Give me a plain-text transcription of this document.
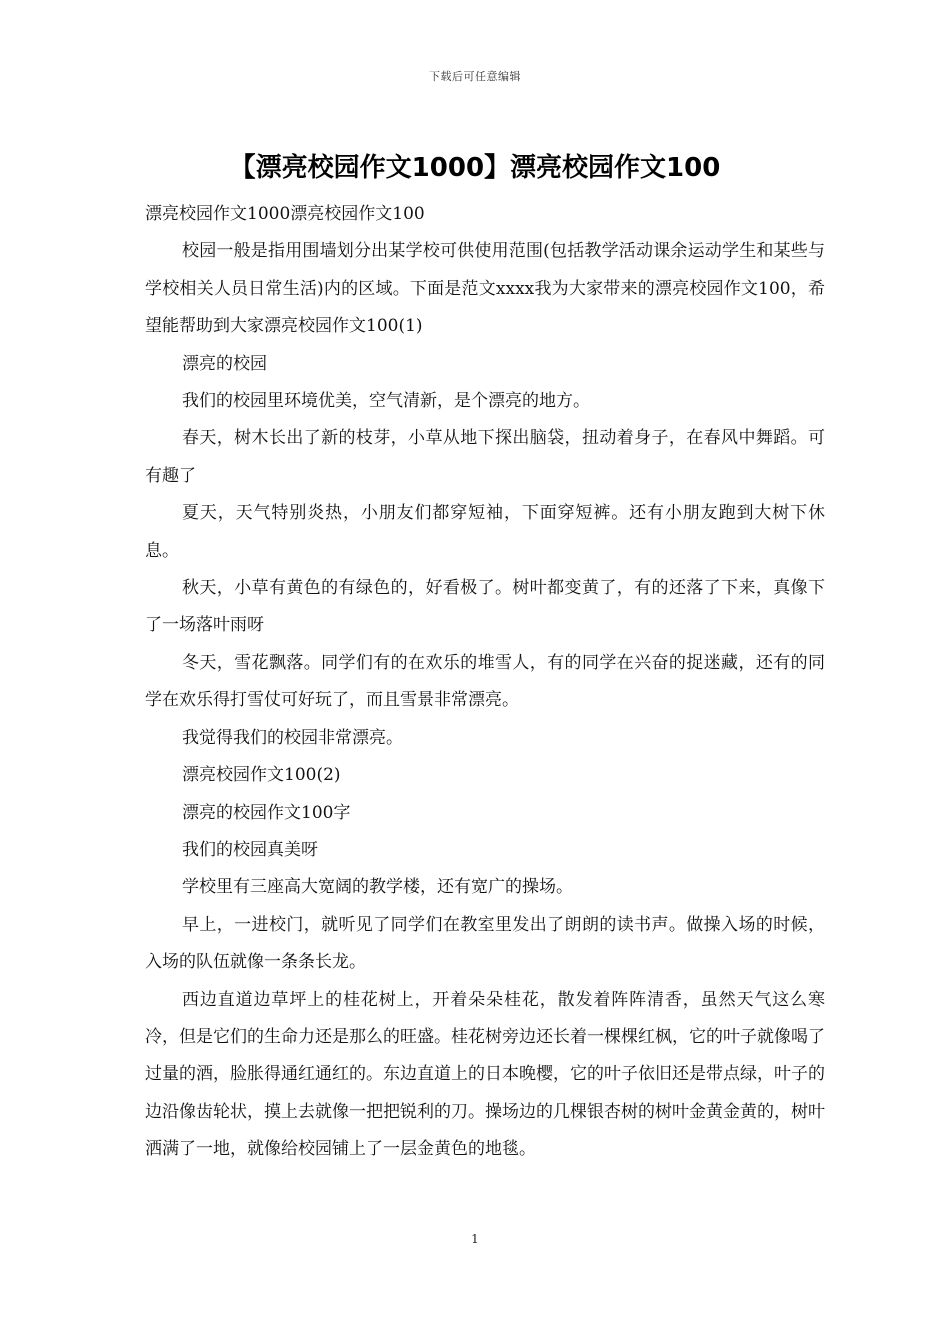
下载后可任意编辑
【漂亮校园作文1000】漂亮校园作文100

漂亮校园作文1000漂亮校园作文100

校园一般是指用围墙划分出某学校可供使用范围(包括教学活动课余运动学生和某些与学校相关人员日常生活)内的区域。下面是范文xxxx我为大家带来的漂亮校园作文100，希望能帮助到大家漂亮校园作文100(1)

漂亮的校园

我们的校园里环境优美，空气清新，是个漂亮的地方。

春天，树木长出了新的枝芽，小草从地下探出脑袋，扭动着身子，在春风中舞蹈。可有趣了

夏天，天气特别炎热，小朋友们都穿短袖，下面穿短裤。还有小朋友跑到大树下休息。

秋天，小草有黄色的有绿色的，好看极了。树叶都变黄了，有的还落了下来，真像下了一场落叶雨呀

冬天，雪花飘落。同学们有的在欢乐的堆雪人，有的同学在兴奋的捉迷藏，还有的同学在欢乐得打雪仗可好玩了，而且雪景非常漂亮。

我觉得我们的校园非常漂亮。

漂亮校园作文100(2)

漂亮的校园作文100字

我们的校园真美呀

学校里有三座高大宽阔的教学楼，还有宽广的操场。

早上，一进校门，就听见了同学们在教室里发出了朗朗的读书声。做操入场的时候，入场的队伍就像一条条长龙。

西边直道边草坪上的桂花树上，开着朵朵桂花，散发着阵阵清香，虽然天气这么寒冷，但是它们的生命力还是那么的旺盛。桂花树旁边还长着一棵棵红枫，它的叶子就像喝了过量的酒，脸胀得通红通红的。东边直道上的日本晚樱，它的叶子依旧还是带点绿，叶子的边沿像齿轮状，摸上去就像一把把锐利的刀。操场边的几棵银杏树的树叶金黄金黄的，树叶洒满了一地，就像给校园铺上了一层金黄色的地毯。

1
